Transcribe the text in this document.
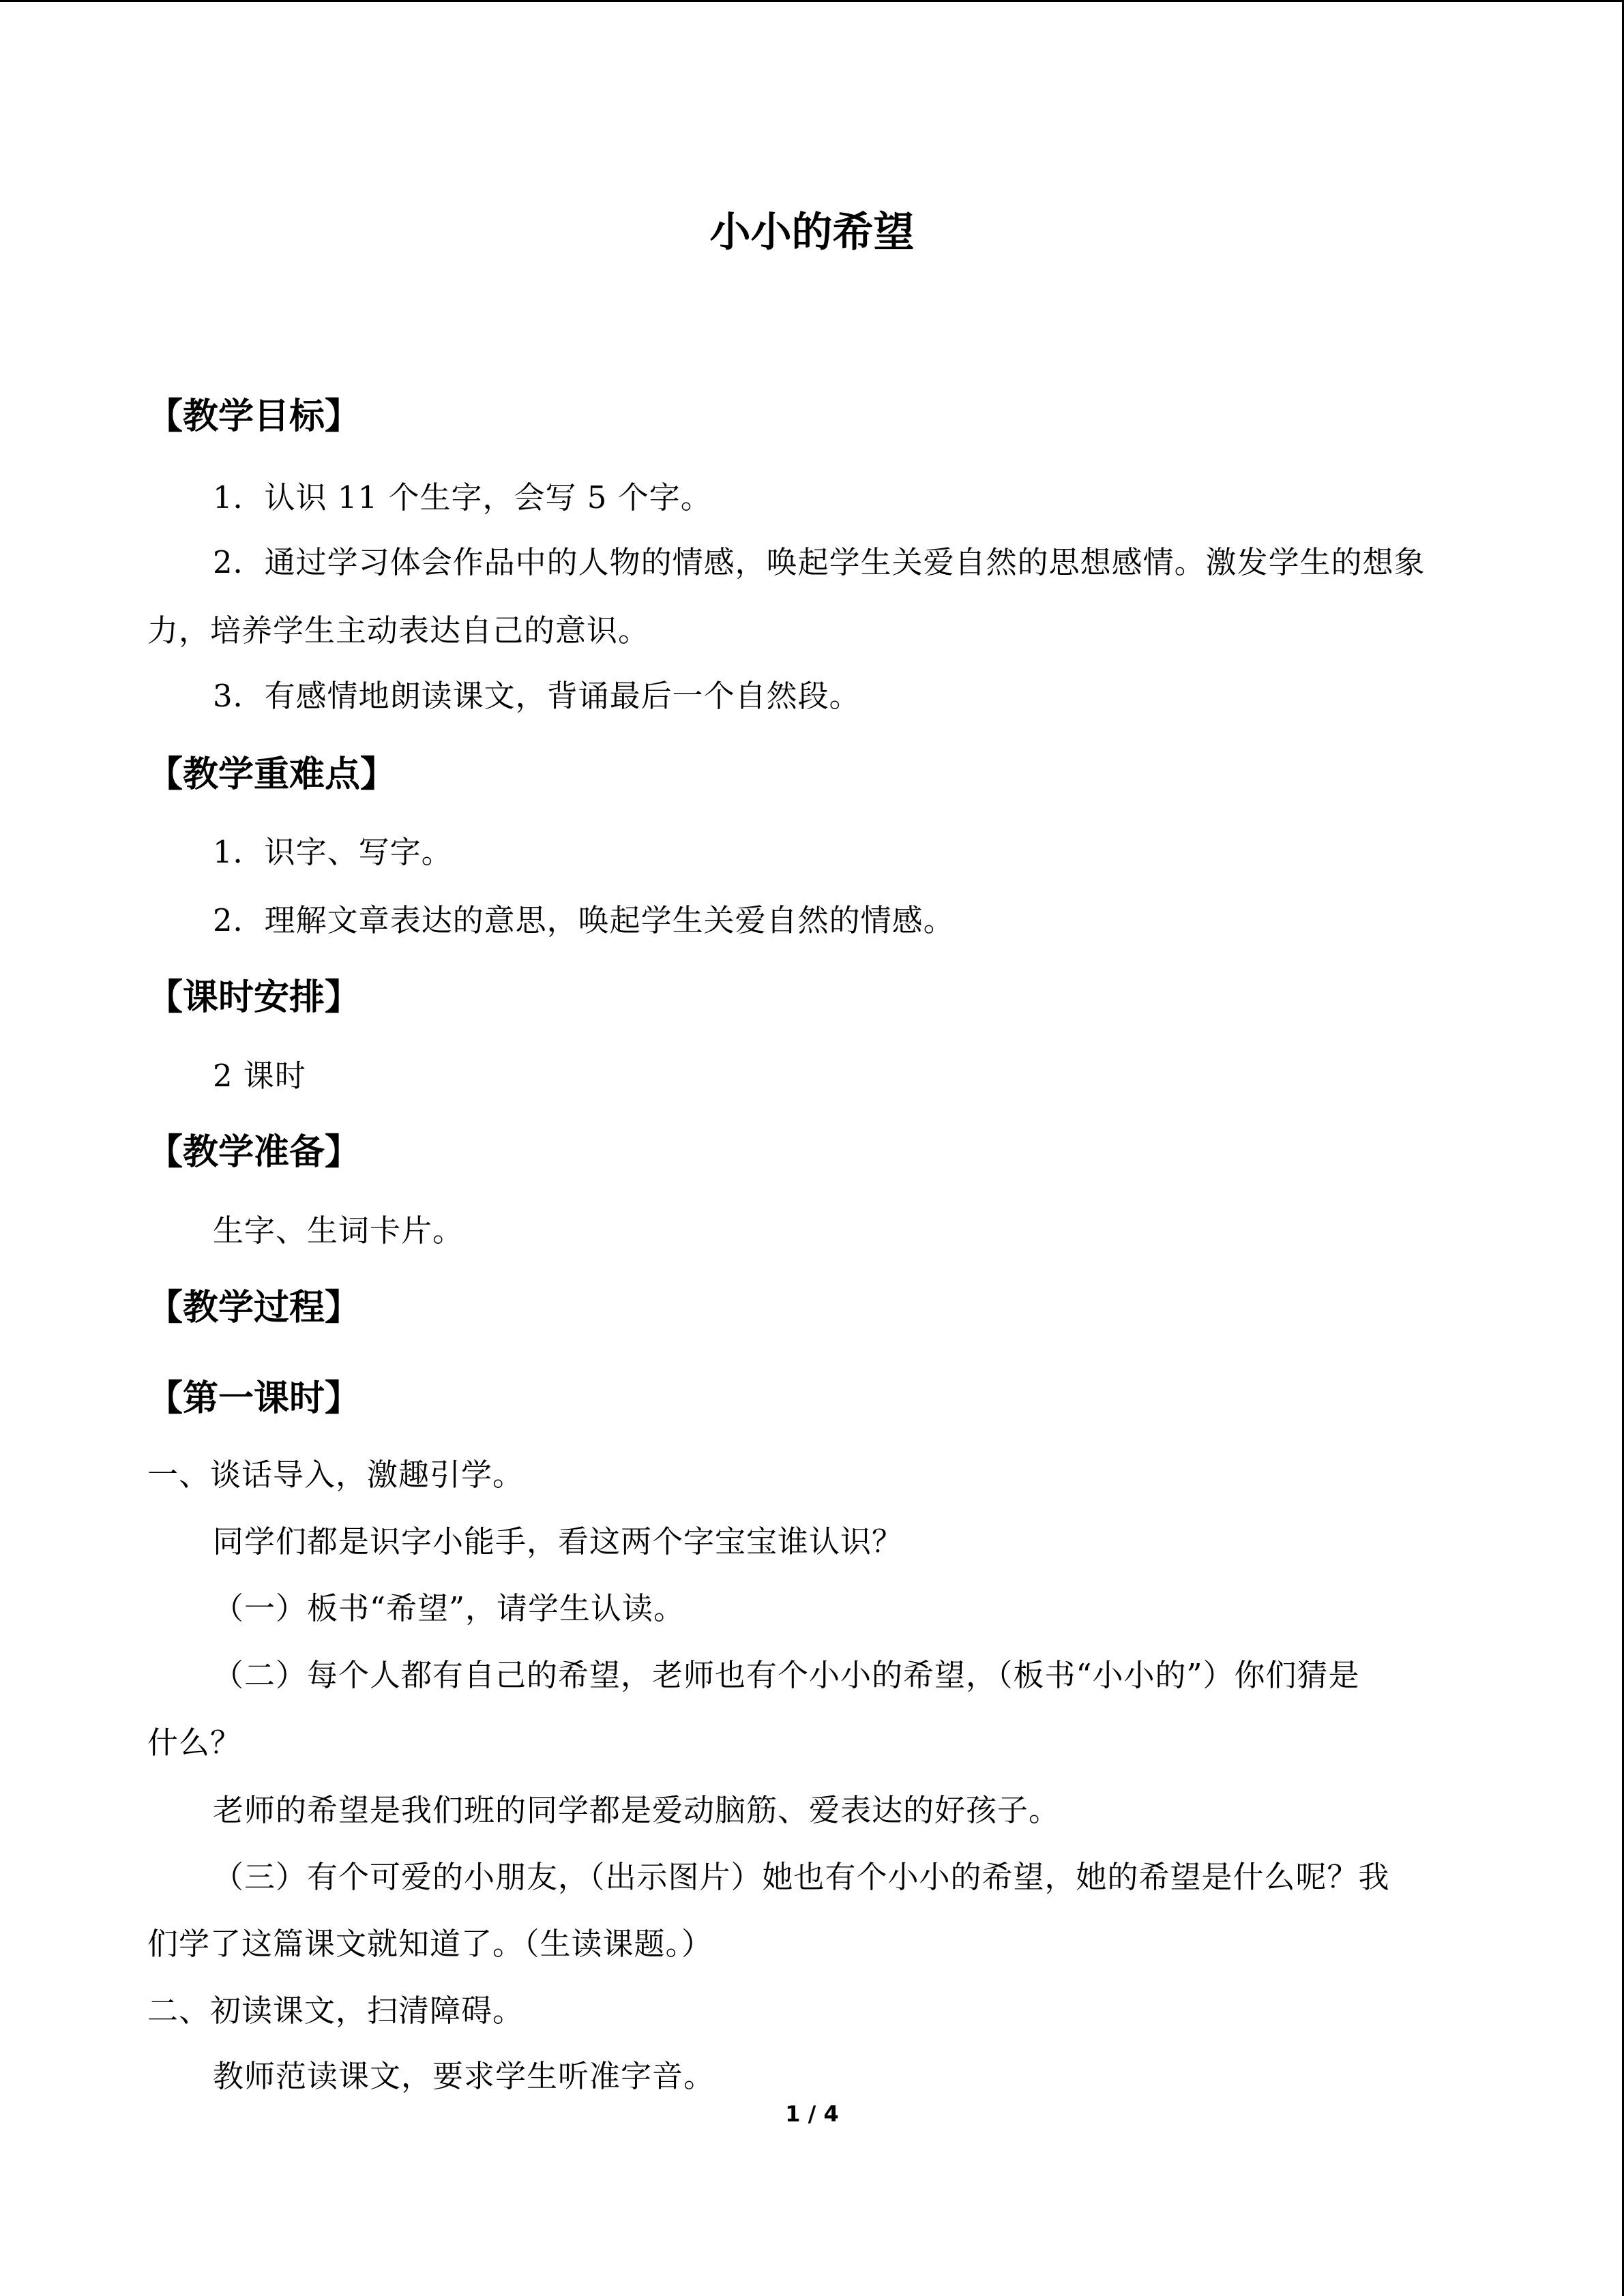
小小的希望
【教学目标】
1．认识 11 个生字，会写 5 个字。
2．通过学习体会作品中的人物的情感，唤起学生关爱自然的思想感情。激发学生的想象
力，培养学生主动表达自己的意识。
3．有感情地朗读课文，背诵最后一个自然段。
【教学重难点】
1．识字、写字。
2．理解文章表达的意思，唤起学生关爱自然的情感。
【课时安排】
2 课时
【教学准备】
生字、生词卡片。
【教学过程】
【第一课时】
一、谈话导入，激趣引学。
同学们都是识字小能手，看这两个字宝宝谁认识？
（一）板书“希望”，请学生认读。
（二）每个人都有自己的希望，老师也有个小小的希望，（板书“小小的”）你们猜是
什么？
老师的希望是我们班的同学都是爱动脑筋、爱表达的好孩子。
（三）有个可爱的小朋友，（出示图片）她也有个小小的希望，她的希望是什么呢？我
们学了这篇课文就知道了。（生读课题。）
二、初读课文，扫清障碍。
教师范读课文，要求学生听准字音。
1 / 4
